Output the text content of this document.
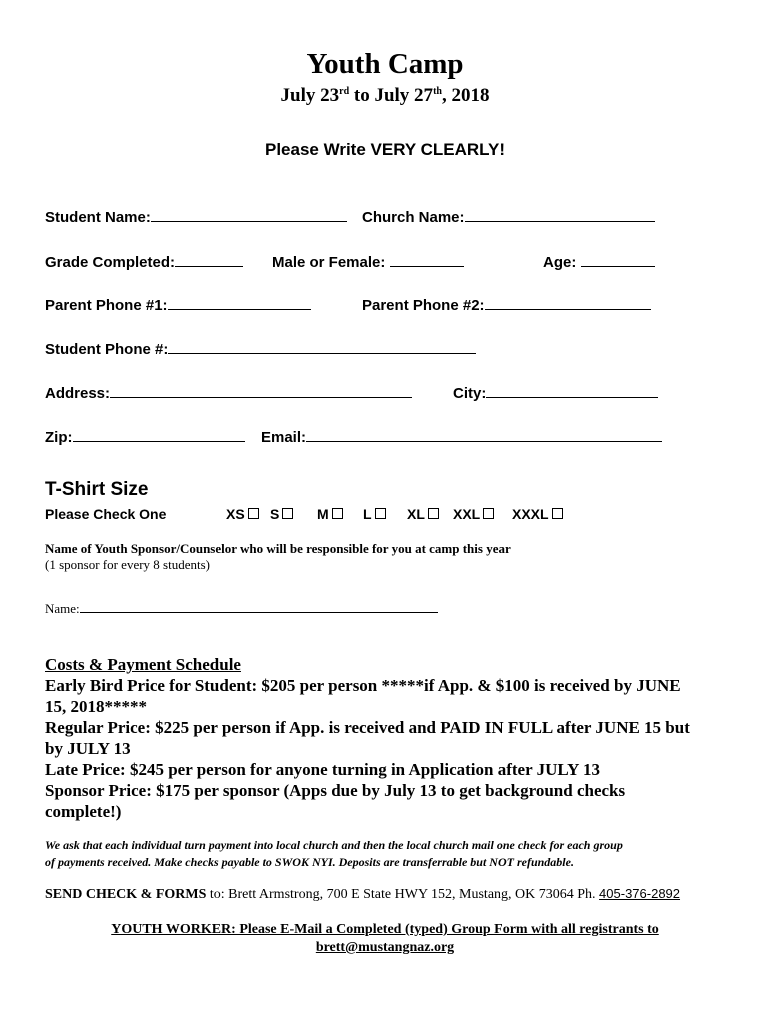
Youth Camp
July 23rd to July 27th, 2018
Please Write VERY CLEARLY!
Student Name:	Church Name:
Grade Completed:	Male or Female:	Age:
Parent Phone #1:	Parent Phone #2:
Student Phone #:
Address:	City:
Zip:	Email:
T-Shirt Size
Please Check One	XS	S	M	L	XL	XXL	XXXL
Name of Youth Sponsor/Counselor who will be responsible for you at camp this year
(1 sponsor for every 8 students)
Name:
Costs & Payment Schedule
Early Bird Price for Student: $205 per person *****if App. & $100 is received by JUNE
15, 2018*****
Regular Price: $225 per person if App. is received and PAID IN FULL after JUNE 15 but
by JULY 13
Late Price: $245 per person for anyone turning in Application after JULY 13
Sponsor Price: $175 per sponsor (Apps due by July 13 to get background checks
complete!)
We ask that each individual turn payment into local church and then the local church mail one check for each group
of payments received. Make checks payable to SWOK NYI. Deposits are transferrable but NOT refundable.
SEND CHECK & FORMS to: Brett Armstrong, 700 E State HWY 152, Mustang, OK 73064 Ph. 405-376-2892
YOUTH WORKER: Please E-Mail a Completed (typed) Group Form with all registrants to
brett@mustangnaz.org
